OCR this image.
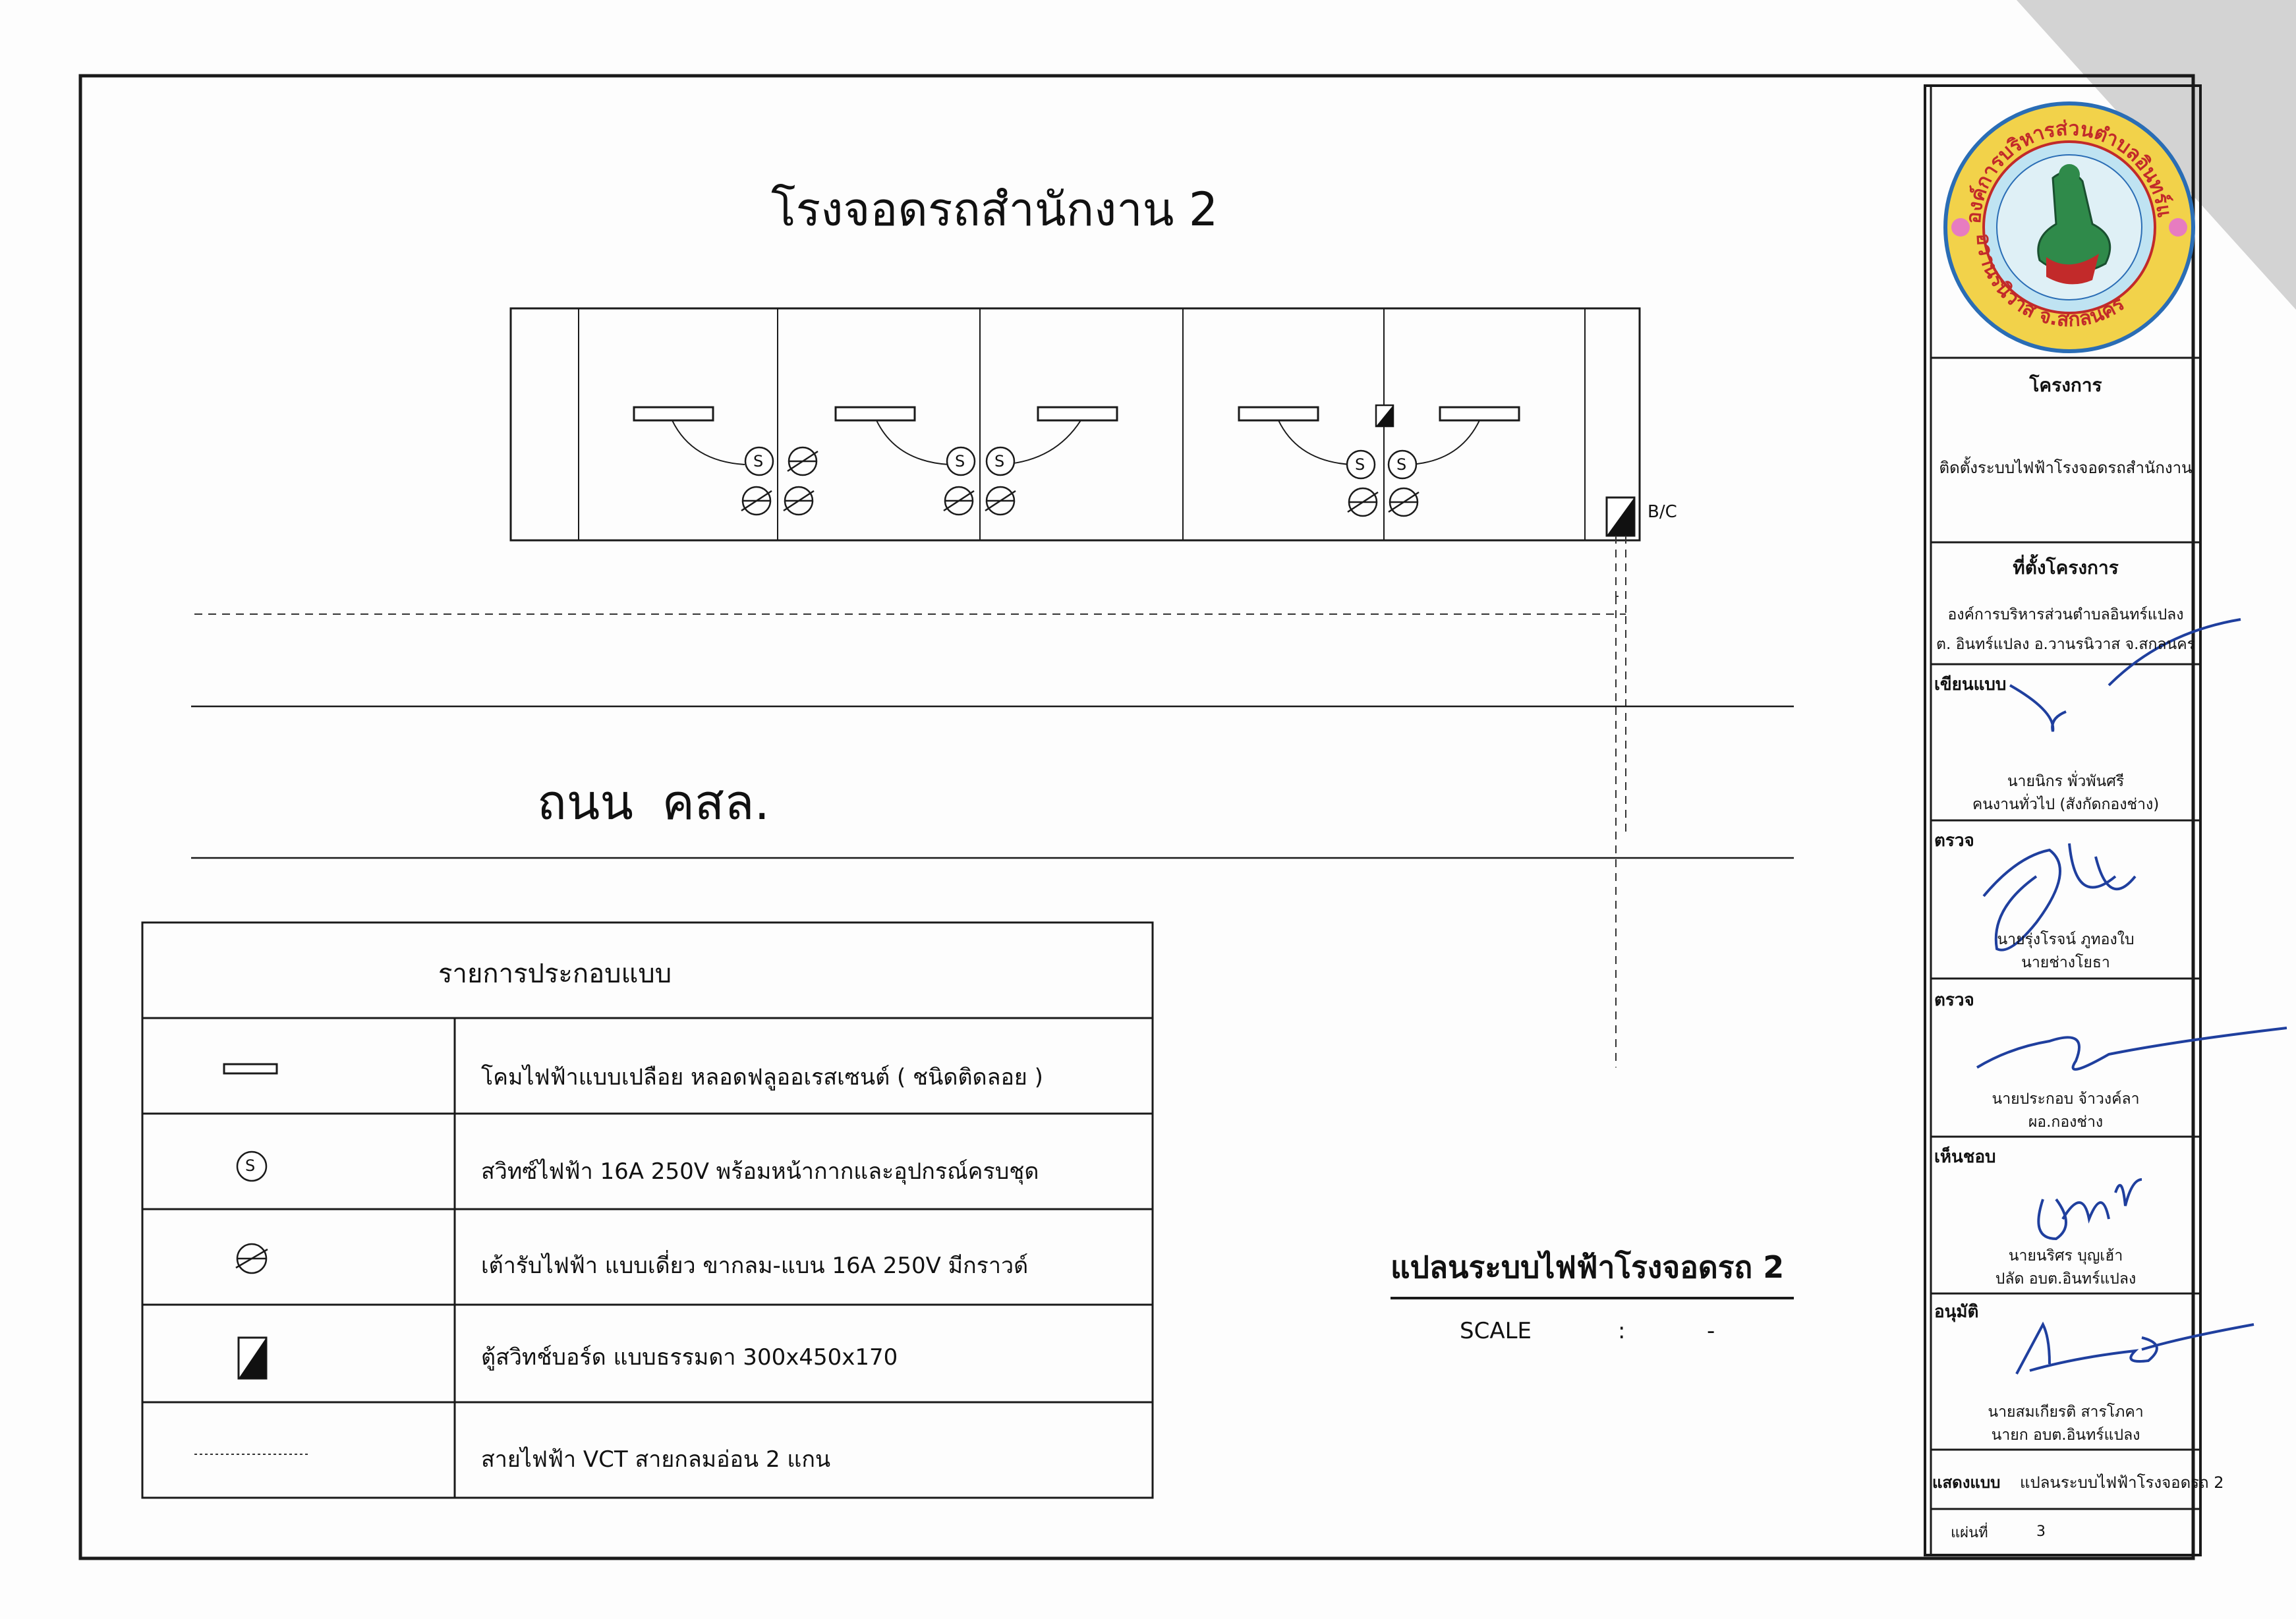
องค์การบริหารส่วนตำบลอินทร์แ
อวานรนิวาส จ.สกลนคร
โรงจอดรถสำนักงาน 2
S	S S	S S
B/C
ถนน คสล.
รายการประกอบแบบ
โคมไฟฟ้าแบบเปลือย หลอดฟลูออเรสเซนต์ ( ชนิดติดลอย )
S	สวิทซ์ไฟฟ้า 16A 250V พร้อมหน้ากากและอุปกรณ์ครบชุด
เต้ารับไฟฟ้า แบบเดี่ยว ขากลม-แบน 16A 250V มีกราวด์
ตู้สวิทช์บอร์ด แบบธรรมดา 300x450x170
สายไฟฟ้า VCT สายกลมอ่อน 2 แกน
แปลนระบบไฟฟ้าโรงจอดรถ 2
SCALE	:	-
โครงการ
ติดตั้งระบบไฟฟ้าโรงจอดรถสำนักงาน
ที่ตั้งโครงการ
องค์การบริหารส่วนตำบลอินทร์แปลง
ต. อินทร์แปลง อ.วานรนิวาส จ.สกลนคร
เขียนแบบ
นายนิกร พั่วพันศรี
คนงานทั่วไป (สังกัดกองช่าง)
ตรวจ
นายรุ่งโรจน์ ภูทองใบ
นายช่างโยธา
ตรวจ
นายประกอบ จ้าวงค์ลา
ผอ.กองช่าง
เห็นชอบ
นายนริศร บุญเฮ้า
ปลัด อบต.อินทร์แปลง
อนุมัติ
นายสมเกียรติ สารโภคา
นายก อบต.อินทร์แปลง
แสดงแบบ แปลนระบบไฟฟ้าโรงจอดรถ 2
แผ่นที่	3
